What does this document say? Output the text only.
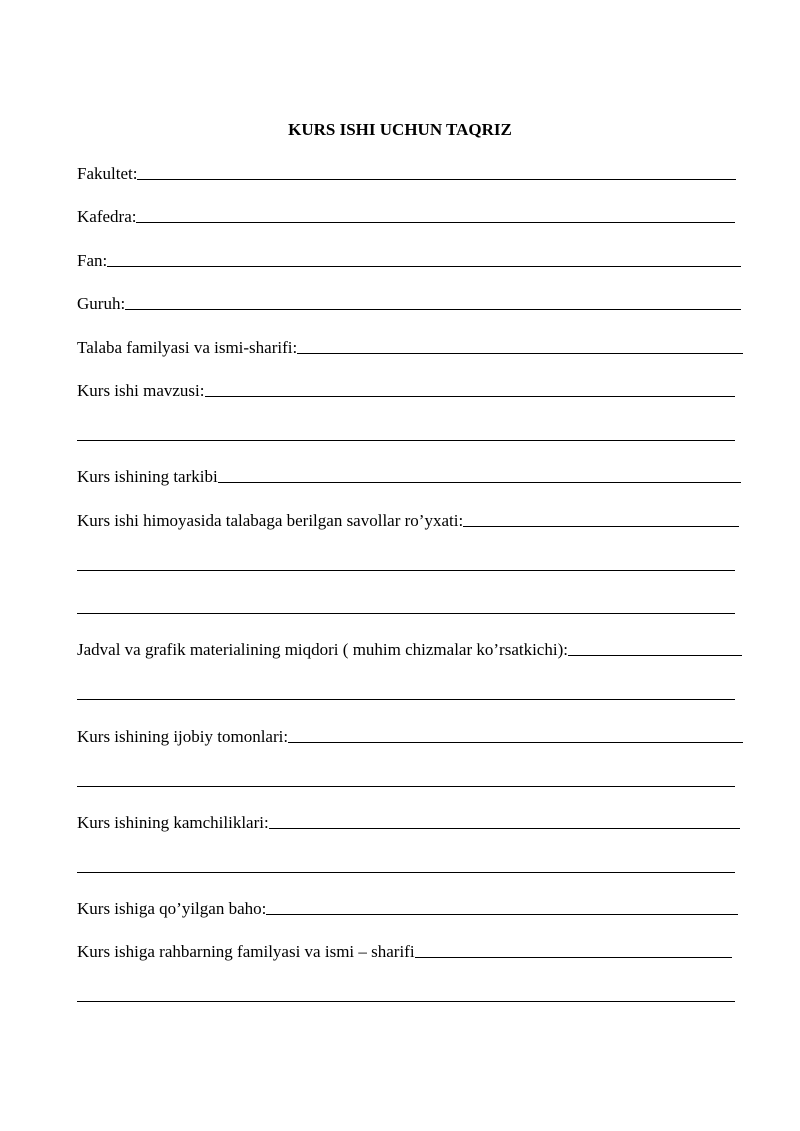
KURS ISHI UCHUN TAQRIZ
Fakultet:
Kafedra:
Fan:
Guruh:
Talaba familyasi va ismi-sharifi:
Kurs ishi mavzusi:
Kurs ishining tarkibi
Kurs ishi himoyasida talabaga berilgan savollar ro’yxati:
Jadval va grafik materialining miqdori ( muhim chizmalar ko’rsatkichi):
Kurs ishining ijobiy tomonlari:
Kurs ishining kamchiliklari:
Kurs ishiga qo’yilgan baho:
Kurs ishiga rahbarning familyasi va ismi – sharifi
